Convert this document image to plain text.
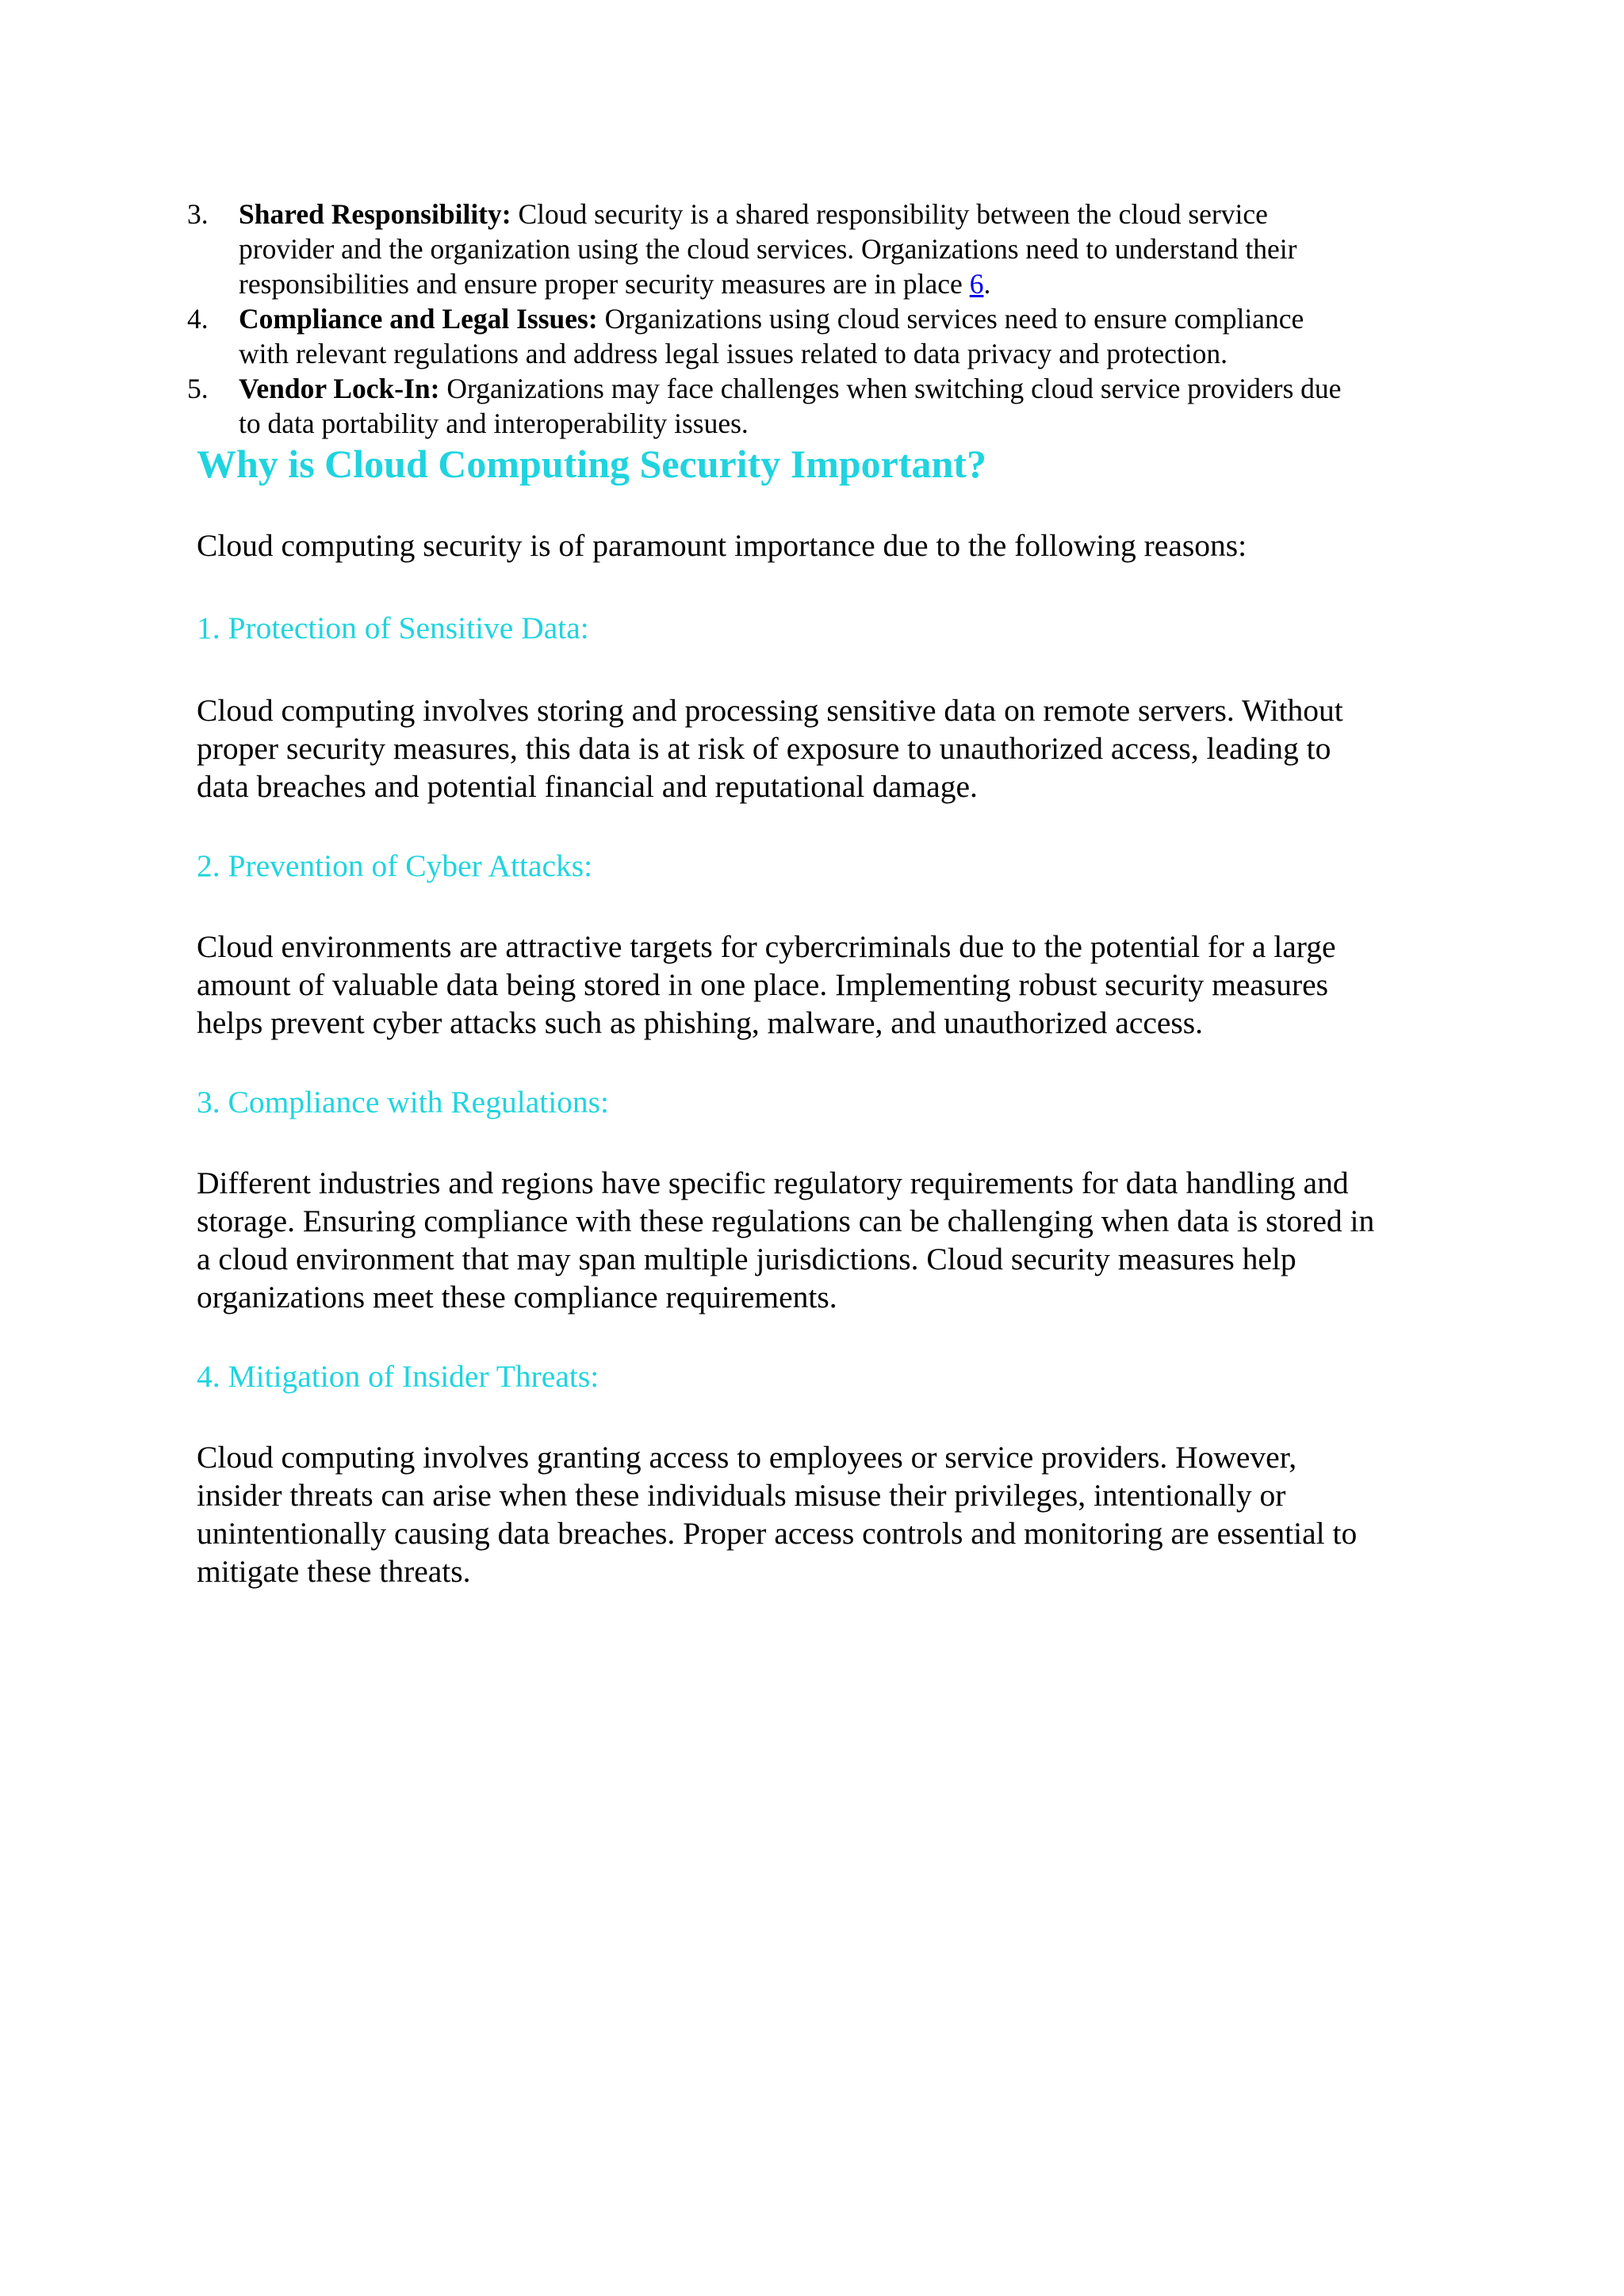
3. Shared Responsibility: Cloud security is a shared responsibility between the cloud service
provider and the organization using the cloud services. Organizations need to understand their
responsibilities and ensure proper security measures are in place 6.
4. Compliance and Legal Issues: Organizations using cloud services need to ensure compliance
with relevant regulations and address legal issues related to data privacy and protection.
5. Vendor Lock-In: Organizations may face challenges when switching cloud service providers due
to data portability and interoperability issues.
Why is Cloud Computing Security Important?

Cloud computing security is of paramount importance due to the following reasons:

1. Protection of Sensitive Data:

Cloud computing involves storing and processing sensitive data on remote servers. Without
proper security measures, this data is at risk of exposure to unauthorized access, leading to
data breaches and potential financial and reputational damage.

2. Prevention of Cyber Attacks:

Cloud environments are attractive targets for cybercriminals due to the potential for a large
amount of valuable data being stored in one place. Implementing robust security measures
helps prevent cyber attacks such as phishing, malware, and unauthorized access.

3. Compliance with Regulations:

Different industries and regions have specific regulatory requirements for data handling and
storage. Ensuring compliance with these regulations can be challenging when data is stored in
a cloud environment that may span multiple jurisdictions. Cloud security measures help
organizations meet these compliance requirements.

4. Mitigation of Insider Threats:

Cloud computing involves granting access to employees or service providers. However,
insider threats can arise when these individuals misuse their privileges, intentionally or
unintentionally causing data breaches. Proper access controls and monitoring are essential to
mitigate these threats.
